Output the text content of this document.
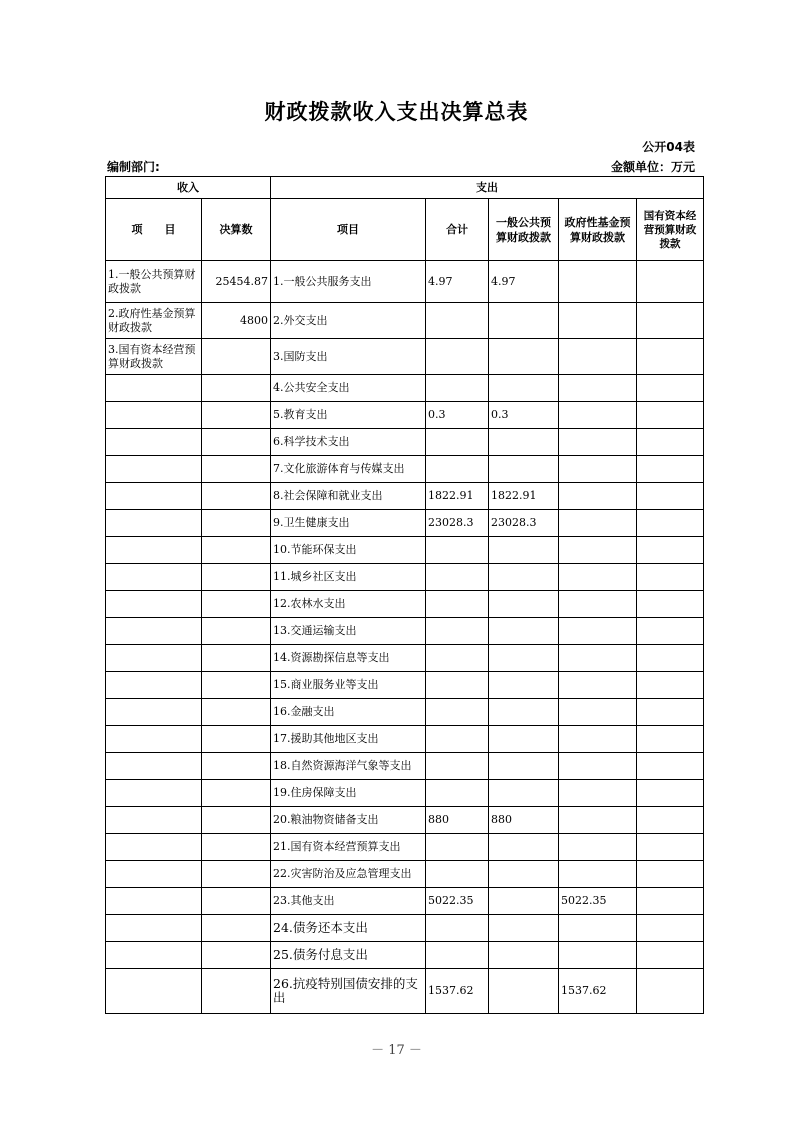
财政拨款收入支出决算总表
公开04表
编制部门:	金额单位：万元
收入		支出				
项　　目	决算数	项目	合计	一般公共预算财政拨款	政府性基金预算财政拨款	国有资本经营预算财政拨款
1.一般公共预算财政拨款	25454.87	1.一般公共服务支出	4.97	4.97		
2.政府性基金预算财政拨款	4800	2.外交支出				
3.国有资本经营预算财政拨款		3.国防支出				
		4.公共安全支出				
		5.教育支出	0.3	0.3		
		6.科学技术支出				
		7.文化旅游体育与传媒支出				
		8.社会保障和就业支出	1822.91	1822.91		
		9.卫生健康支出	23028.3	23028.3		
		10.节能环保支出				
		11.城乡社区支出				
		12.农林水支出				
		13.交通运输支出				
		14.资源勘探信息等支出				
		15.商业服务业等支出				
		16.金融支出				
		17.援助其他地区支出				
		18.自然资源海洋气象等支出				
		19.住房保障支出				
		20.粮油物资储备支出	880	880		
		21.国有资本经营预算支出				
		22.灾害防治及应急管理支出				
		23.其他支出	5022.35		5022.35	
		24.债务还本支出				
		25.债务付息支出				
		26.抗疫特别国债安排的支出	1537.62		1537.62	
－ 17 －
